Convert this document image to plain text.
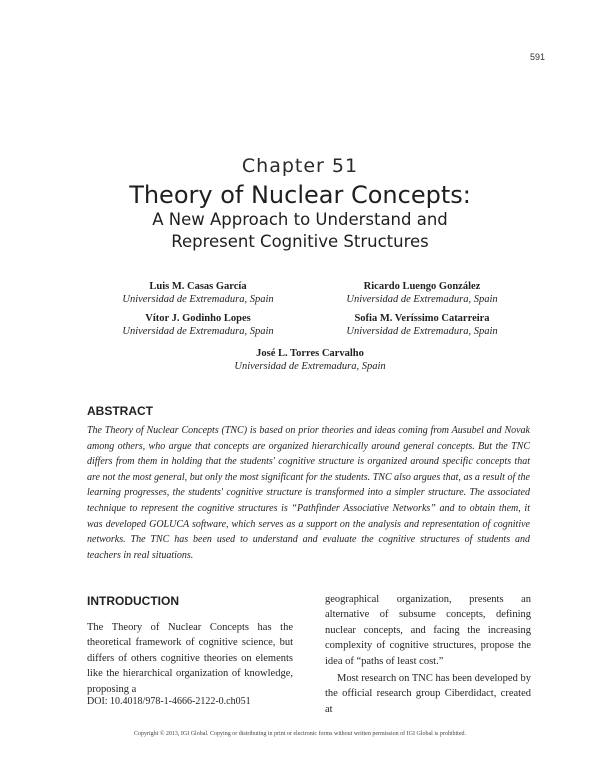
591
Chapter 51
Theory of Nuclear Concepts:
A New Approach to Understand and
Represent Cognitive Structures
Luis M. Casas García
Universidad de Extremadura, Spain
Ricardo Luengo González
Universidad de Extremadura, Spain
Vítor J. Godinho Lopes
Universidad de Extremadura, Spain
Sofia M. Veríssimo Catarreira
Universidad de Extremadura, Spain
José L. Torres Carvalho
Universidad de Extremadura, Spain
ABSTRACT
The Theory of Nuclear Concepts (TNC) is based on prior theories and ideas coming from Ausubel and Novak among others, who argue that concepts are organized hierarchically around general concepts. But the TNC differs from them in holding that the students' cognitive structure is organized around specific concepts that are not the most general, but only the most significant for the students. TNC also argues that, as a result of the learning progresses, the students' cognitive structure is transformed into a simpler structure. The associated technique to represent the cognitive structures is “Pathfinder Associative Networks” and to obtain them, it was developed GOLUCA software, which serves as a support on the analysis and representation of cognitive networks. The TNC has been used to understand and evaluate the cognitive structures of students and teachers in real situations.
INTRODUCTION

The Theory of Nuclear Concepts has the theoretical framework of cognitive science, but differs of others cognitive theories on elements like the hierarchical organization of knowledge, proposing a

geographical organization, presents an alternative of subsume concepts, defining nuclear concepts, and facing the increasing complexity of cognitive structures, propose the idea of “paths of least cost.”

Most research on TNC has been developed by the official research group Ciberdidact, created at

DOI: 10.4018/978-1-4666-2122-0.ch051
Copyright © 2013, IGI Global. Copying or distributing in print or electronic forms without written permission of IGI Global is prohibited.
